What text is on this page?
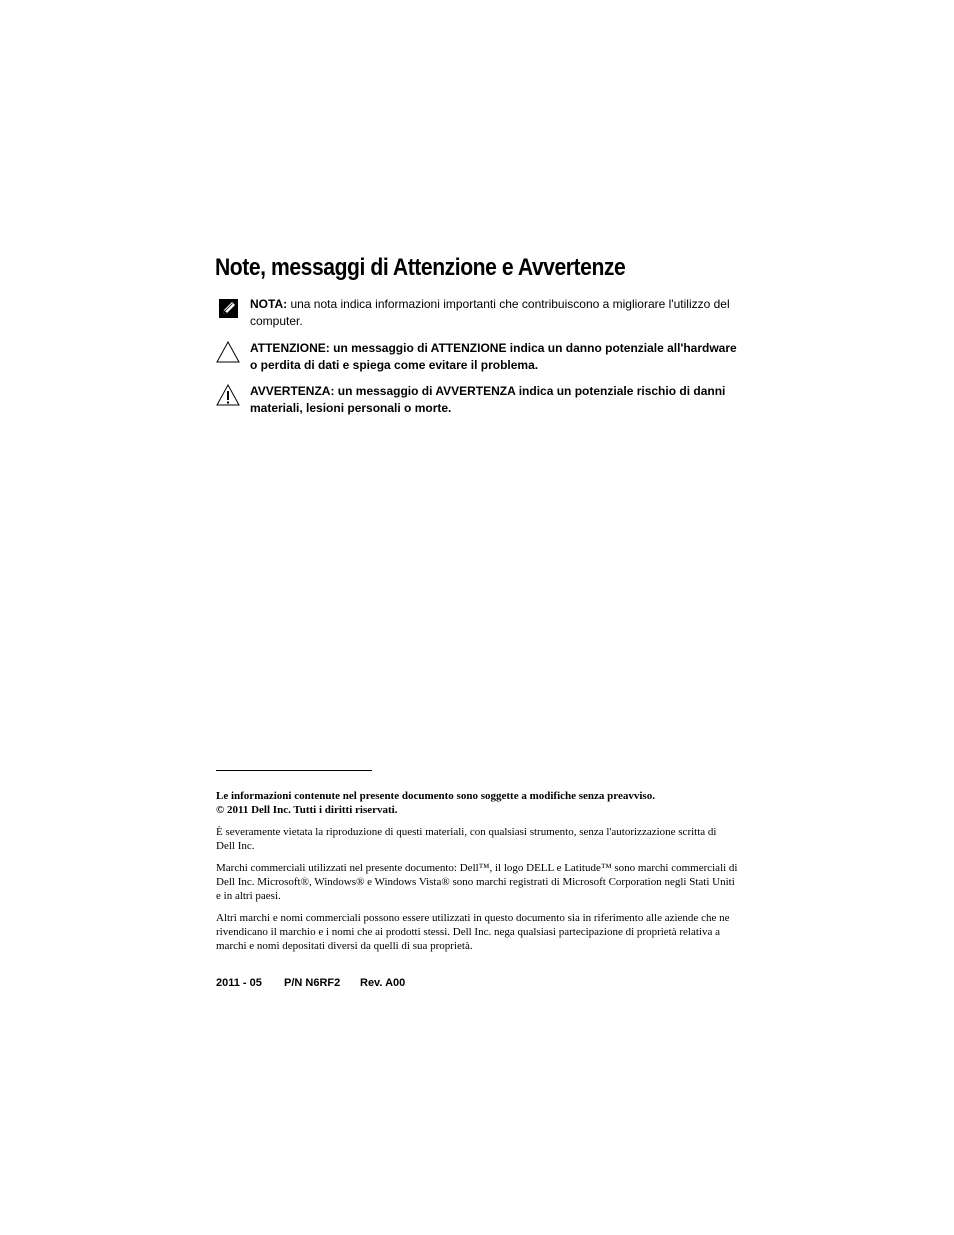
Note, messaggi di Attenzione e Avvertenze
NOTA: una nota indica informazioni importanti che contribuiscono a migliorare l'utilizzo del computer.
ATTENZIONE: un messaggio di ATTENZIONE indica un danno potenziale all'hardware o perdita di dati e spiega come evitare il problema.
AVVERTENZA: un messaggio di AVVERTENZA indica un potenziale rischio di danni materiali, lesioni personali o morte.

Le informazioni contenute nel presente documento sono soggette a modifiche senza preavviso.
© 2011 Dell Inc. Tutti i diritti riservati.

È severamente vietata la riproduzione di questi materiali, con qualsiasi strumento, senza l'autorizzazione scritta di Dell Inc.

Marchi commerciali utilizzati nel presente documento: Dell™, il logo DELL e Latitude™ sono marchi commerciali di Dell Inc. Microsoft®, Windows® e Windows Vista® sono marchi registrati di Microsoft Corporation negli Stati Uniti e in altri paesi.

Altri marchi e nomi commerciali possono essere utilizzati in questo documento sia in riferimento alle aziende che ne rivendicano il marchio e i nomi che ai prodotti stessi. Dell Inc. nega qualsiasi partecipazione di proprietà relativa a marchi e nomi depositati diversi da quelli di sua proprietà.

2011 - 05 P/N N6RF2 Rev. A00
